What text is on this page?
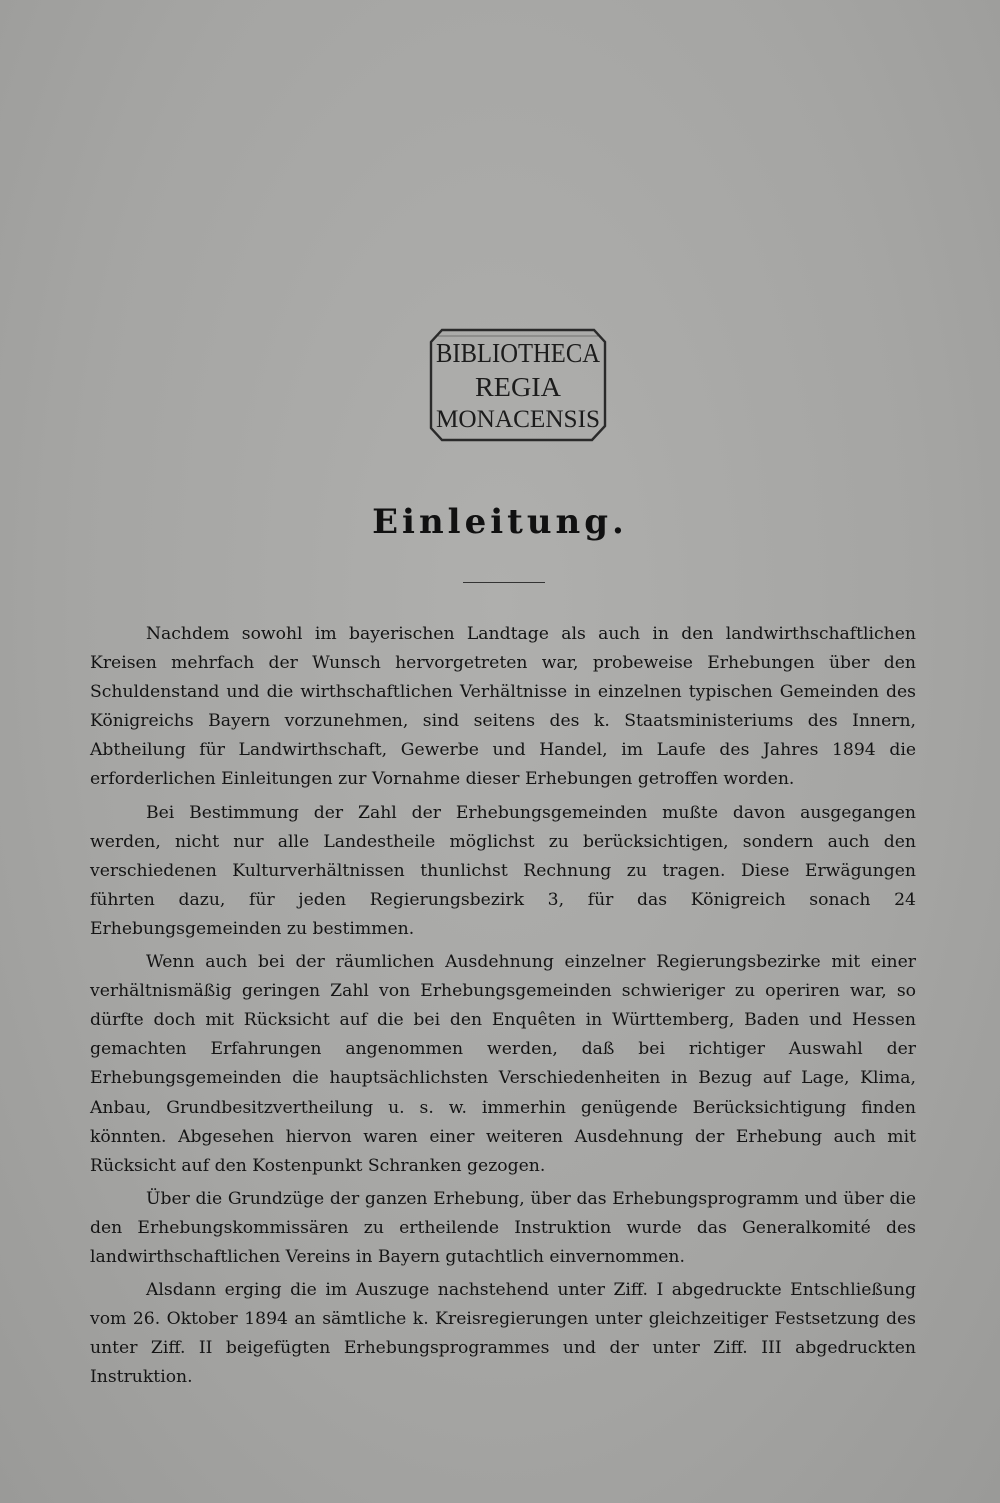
BIBLIOTHECA
REGIA
MONACENSIS
Einleitung.

Nachdem sowohl im bayerischen Landtage als auch in den landwirthschaftlichen Kreisen mehrfach der Wunsch hervorgetreten war, probeweise Erhebungen über den Schuldenstand und die wirthschaftlichen Verhältnisse in einzelnen typischen Gemeinden des Königreichs Bayern vorzunehmen, sind seitens des k. Staatsministeriums des Innern, Abtheilung für Landwirthschaft, Gewerbe und Handel, im Laufe des Jahres 1894 die erforderlichen Einleitungen zur Vornahme dieser Erhebungen getroffen worden.

Bei Bestimmung der Zahl der Erhebungsgemeinden mußte davon ausgegangen werden, nicht nur alle Landestheile möglichst zu berücksichtigen, sondern auch den verschiedenen Kulturverhältnissen thunlichst Rechnung zu tragen. Diese Erwägungen führten dazu, für jeden Regierungsbezirk 3, für das Königreich sonach 24 Erhebungsgemeinden zu bestimmen.

Wenn auch bei der räumlichen Ausdehnung einzelner Regierungsbezirke mit einer verhältnismäßig geringen Zahl von Erhebungsgemeinden schwieriger zu operiren war, so dürfte doch mit Rücksicht auf die bei den Enquêten in Württemberg, Baden und Hessen gemachten Erfahrungen angenommen werden, daß bei richtiger Auswahl der Erhebungsgemeinden die hauptsächlichsten Verschiedenheiten in Bezug auf Lage, Klima, Anbau, Grundbesitzvertheilung u. s. w. immerhin genügende Berücksichtigung finden könnten. Abgesehen hiervon waren einer weiteren Ausdehnung der Erhebung auch mit Rücksicht auf den Kostenpunkt Schranken gezogen.

Über die Grundzüge der ganzen Erhebung, über das Erhebungsprogramm und über die den Erhebungskommissären zu ertheilende Instruktion wurde das Generalkomité des landwirthschaftlichen Vereins in Bayern gutachtlich einvernommen.

Alsdann erging die im Auszuge nachstehend unter Ziff. I abgedruckte Entschließung vom 26. Oktober 1894 an sämtliche k. Kreisregierungen unter gleichzeitiger Festsetzung des unter Ziff. II beigefügten Erhebungsprogrammes und der unter Ziff. III abgedruckten Instruktion.
